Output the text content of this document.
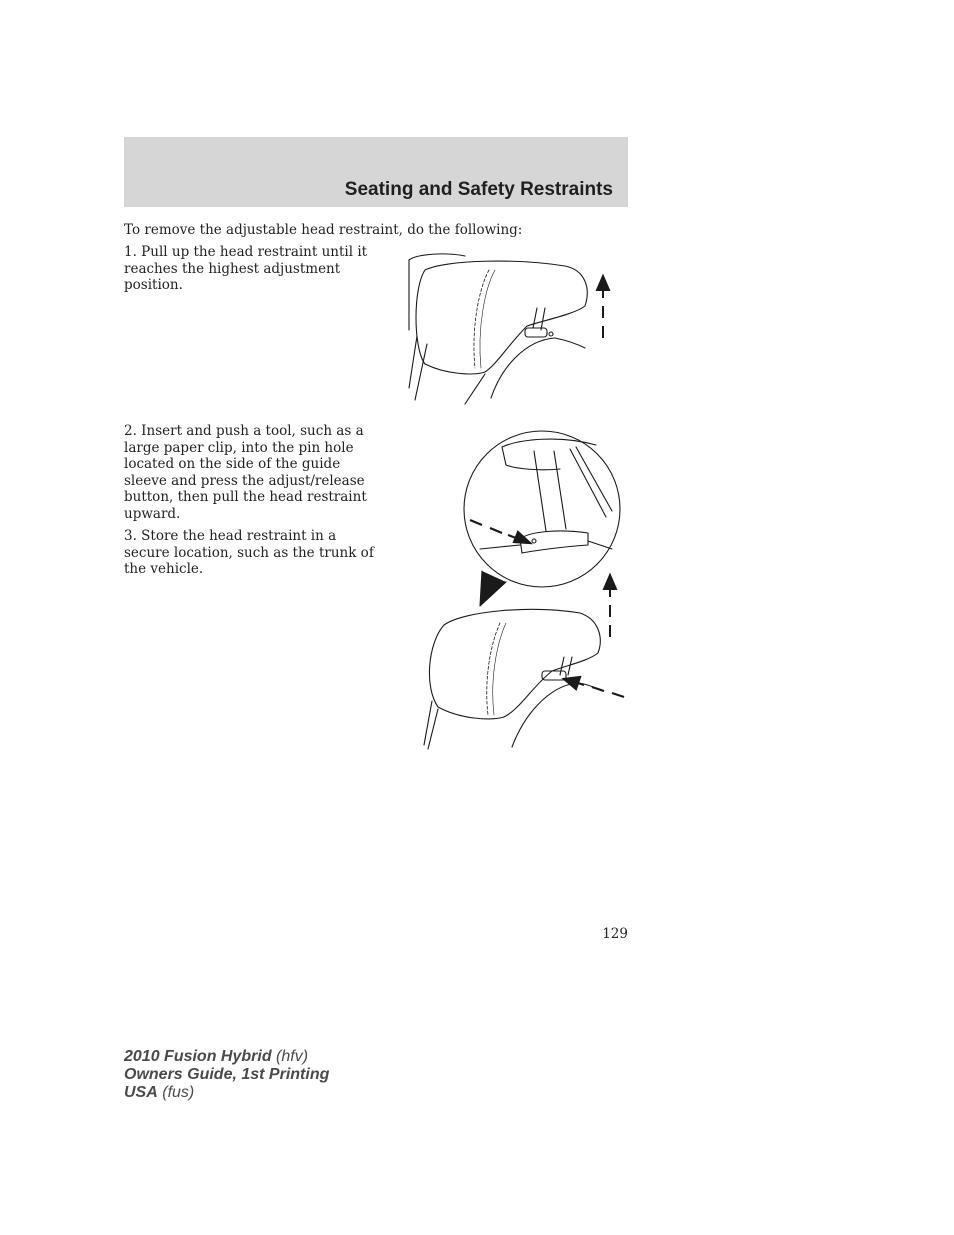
Seating and Safety Restraints

To remove the adjustable head restraint, do the following:

1. Pull up the head restraint until it reaches the highest adjustment position.

2. Insert and push a tool, such as a large paper clip, into the pin hole located on the side of the guide sleeve and press the adjust/release button, then pull the head restraint upward.

3. Store the head restraint in a secure location, such as the trunk of the vehicle.

129
2010 Fusion Hybrid (hfv)
Owners Guide, 1st Printing
USA (fus)
